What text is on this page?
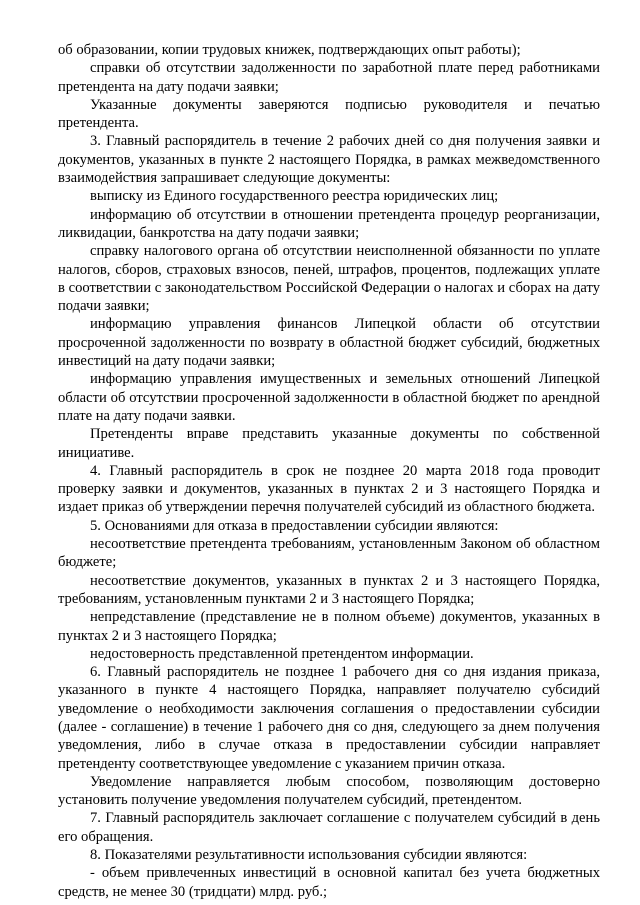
об образовании, копии трудовых книжек, подтверждающих опыт работы);

справки об отсутствии задолженности по заработной плате перед работниками претендента на дату подачи заявки;

Указанные документы заверяются подписью руководителя и печатью претендента.

3. Главный распорядитель в течение 2 рабочих дней со дня получения заявки и документов, указанных в пункте 2 настоящего Порядка, в рамках межведомственного взаимодействия запрашивает следующие документы:

выписку из Единого государственного реестра юридических лиц;

информацию об отсутствии в отношении претендента процедур реорганизации, ликвидации, банкротства на дату подачи заявки;

справку налогового органа об отсутствии неисполненной обязанности по уплате налогов, сборов, страховых взносов, пеней, штрафов, процентов, подлежащих уплате в соответствии с законодательством Российской Федерации о налогах и сборах на дату подачи заявки;

информацию управления финансов Липецкой области об отсутствии просроченной задолженности по возврату в областной бюджет субсидий, бюджетных инвестиций на дату подачи заявки;

информацию управления имущественных и земельных отношений Липецкой области об отсутствии просроченной задолженности в областной бюджет по арендной плате на дату подачи заявки.

Претенденты вправе представить указанные документы по собственной инициативе.

4. Главный распорядитель в срок не позднее 20 марта 2018 года проводит проверку заявки и документов, указанных в пунктах 2 и 3 настоящего Порядка и издает приказ об утверждении перечня получателей субсидий из областного бюджета.

5. Основаниями для отказа в предоставлении субсидии являются:

несоответствие претендента требованиям, установленным Законом об областном бюджете;

несоответствие документов, указанных в пунктах 2 и 3 настоящего Порядка, требованиям, установленным пунктами 2 и 3 настоящего Порядка;

непредставление (представление не в полном объеме) документов, указанных в пунктах 2 и 3 настоящего Порядка;

недостоверность представленной претендентом информации.

6. Главный распорядитель не позднее 1 рабочего дня со дня издания приказа, указанного в пункте 4 настоящего Порядка, направляет получателю субсидий уведомление о необходимости заключения соглашения о предоставлении субсидии (далее - соглашение) в течение 1 рабочего дня со дня, следующего за днем получения уведомления, либо в случае отказа в предоставлении субсидии направляет претенденту соответствующее уведомление с указанием причин отказа.

Уведомление направляется любым способом, позволяющим достоверно установить получение уведомления получателем субсидий, претендентом.

7. Главный распорядитель заключает соглашение с получателем субсидий в день его обращения.

8. Показателями результативности использования субсидии являются:

- объем привлеченных инвестиций в основной капитал без учета бюджетных средств, не менее 30 (тридцати) млрд. руб.;
